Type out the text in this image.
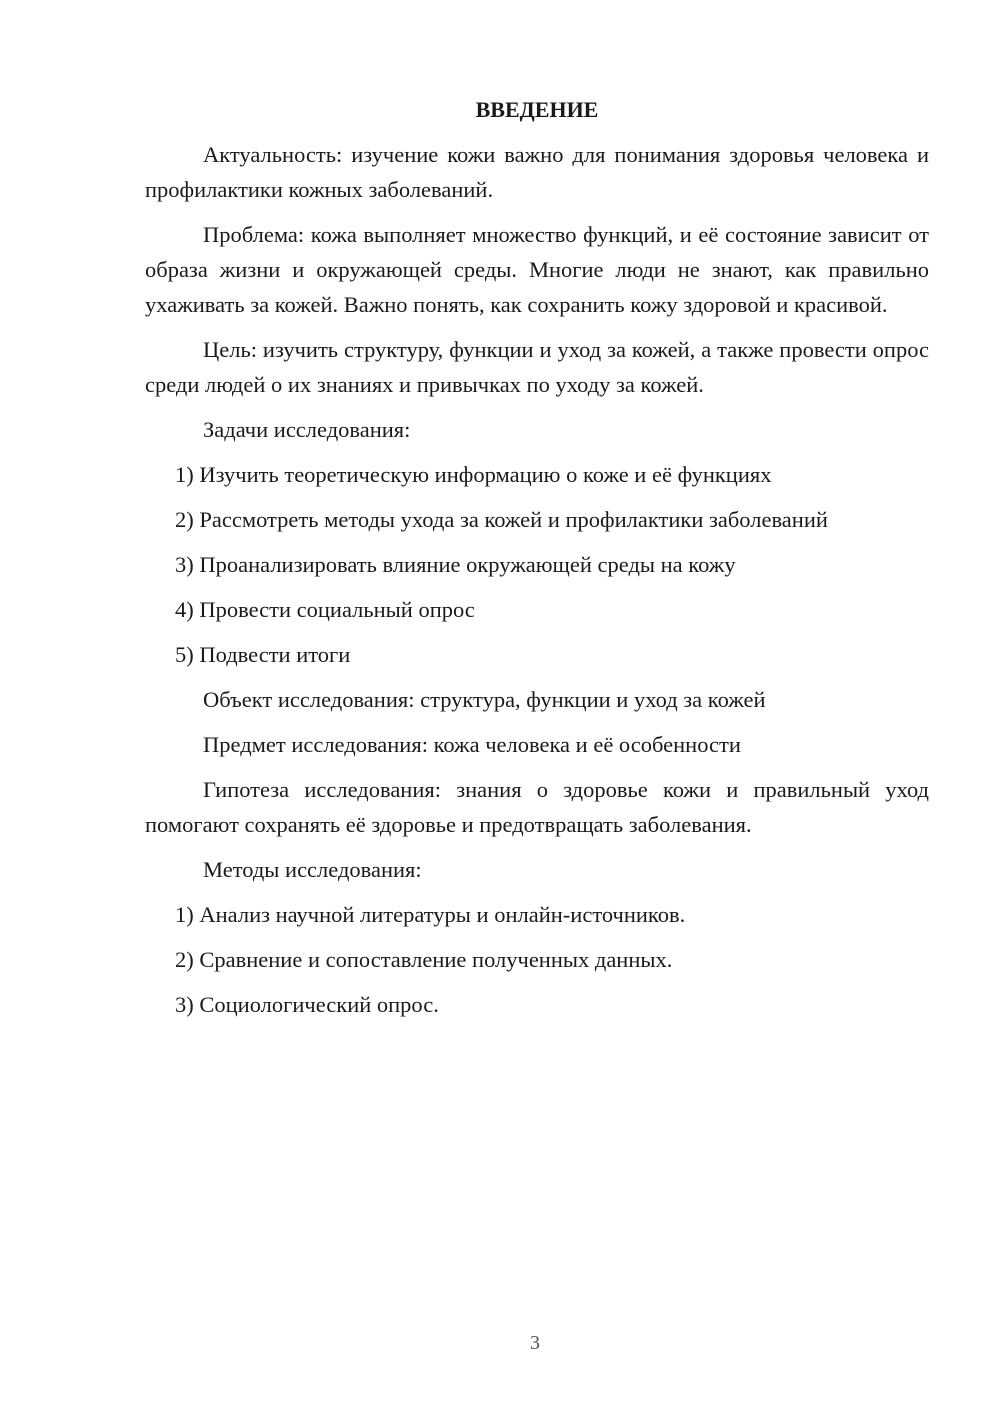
ВВЕДЕНИЕ

Актуальность: изучение кожи важно для понимания здоровья человека и профилактики кожных заболеваний.

Проблема: кожа выполняет множество функций, и её состояние зависит от образа жизни и окружающей среды. Многие люди не знают, как правильно ухаживать за кожей. Важно понять, как сохранить кожу здоровой и красивой.

Цель: изучить структуру, функции и уход за кожей, а также провести опрос среди людей о их знаниях и привычках по уходу за кожей.

Задачи исследования:

1) Изучить теоретическую информацию о коже и её функциях

2) Рассмотреть методы ухода за кожей и профилактики заболеваний

3) Проанализировать влияние окружающей среды на кожу

4) Провести социальный опрос

5) Подвести итоги

Объект исследования: структура, функции и уход за кожей

Предмет исследования: кожа человека и её особенности

Гипотеза исследования: знания о здоровье кожи и правильный уход помогают сохранять её здоровье и предотвращать заболевания.

Методы исследования:

1) Анализ научной литературы и онлайн-источников.

2) Сравнение и сопоставление полученных данных.

3) Социологический опрос.

3
